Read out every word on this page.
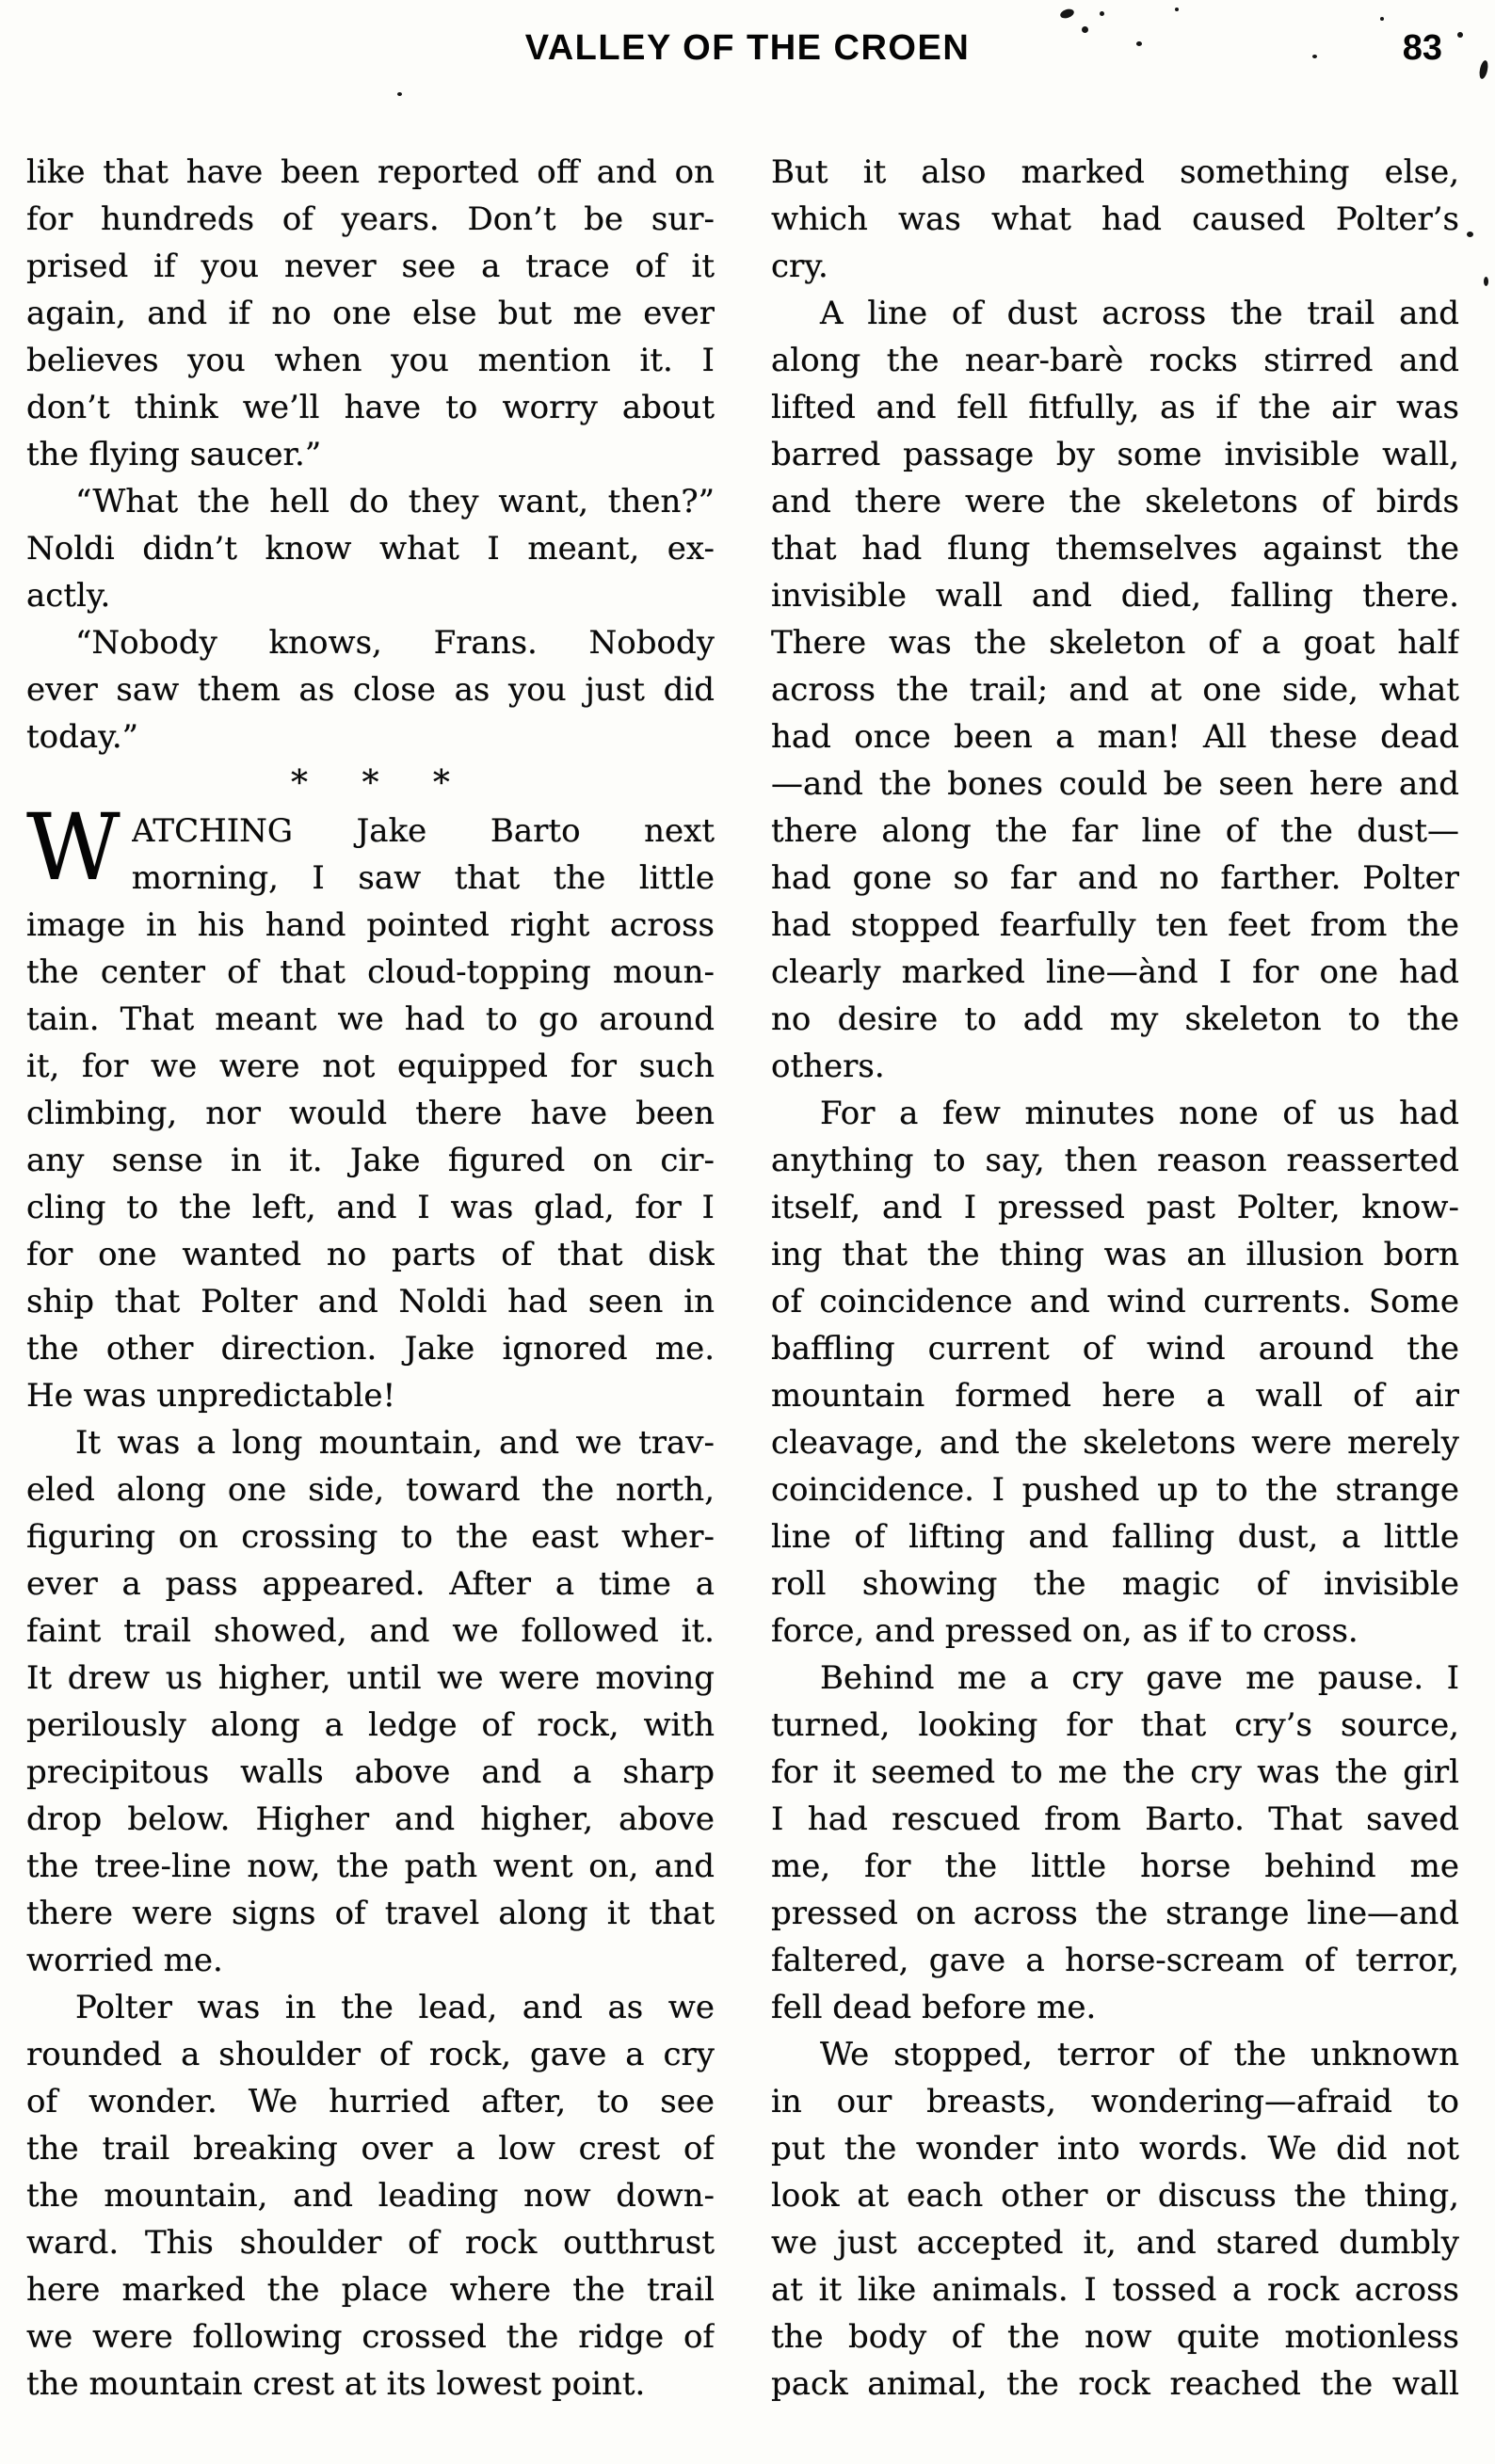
VALLEY OF THE CROEN	83
like that have been reported off and on
for hundreds of years. Don’t be sur-
prised if you never see a trace of it
again, and if no one else but me ever
believes you when you mention it. I
don’t think we’ll have to worry about
the flying saucer.”
“What the hell do they want, then?”
Noldi didn’t know what I meant, ex-
actly.
“Nobody knows, Frans. Nobody
ever saw them as close as you just did
today.”
* * *
W ATCHING Jake Barto next
morning, I saw that the little
image in his hand pointed right across
the center of that cloud-topping moun-
tain. That meant we had to go around
it, for we were not equipped for such
climbing, nor would there have been
any sense in it. Jake figured on cir-
cling to the left, and I was glad, for I
for one wanted no parts of that disk
ship that Polter and Noldi had seen in
the other direction. Jake ignored me.
He was unpredictable!
It was a long mountain, and we trav-
eled along one side, toward the north,
figuring on crossing to the east wher-
ever a pass appeared. After a time a
faint trail showed, and we followed it.
It drew us higher, until we were moving
perilously along a ledge of rock, with
precipitous walls above and a sharp
drop below. Higher and higher, above
the tree-line now, the path went on, and
there were signs of travel along it that
worried me.
Polter was in the lead, and as we
rounded a shoulder of rock, gave a cry
of wonder. We hurried after, to see
the trail breaking over a low crest of
the mountain, and leading now down-
ward. This shoulder of rock outthrust
here marked the place where the trail
we were following crossed the ridge of
the mountain crest at its lowest point.
But it also marked something else,
which was what had caused Polter’s
cry.
A line of dust across the trail and
along the near-barè rocks stirred and
lifted and fell fitfully, as if the air was
barred passage by some invisible wall,
and there were the skeletons of birds
that had flung themselves against the
invisible wall and died, falling there.
There was the skeleton of a goat half
across the trail; and at one side, what
had once been a man! All these dead
—and the bones could be seen here and
there along the far line of the dust—
had gone so far and no farther. Polter
had stopped fearfully ten feet from the
clearly marked line—ànd I for one had
no desire to add my skeleton to the
others.
For a few minutes none of us had
anything to say, then reason reasserted
itself, and I pressed past Polter, know-
ing that the thing was an illusion born
of coincidence and wind currents. Some
baffling current of wind around the
mountain formed here a wall of air
cleavage, and the skeletons were merely
coincidence. I pushed up to the strange
line of lifting and falling dust, a little
roll showing the magic of invisible
force, and pressed on, as if to cross.
Behind me a cry gave me pause. I
turned, looking for that cry’s source,
for it seemed to me the cry was the girl
I had rescued from Barto. That saved
me, for the little horse behind me
pressed on across the strange line—and
faltered, gave a horse-scream of terror,
fell dead before me.
We stopped, terror of the unknown
in our breasts, wondering—afraid to
put the wonder into words. We did not
look at each other or discuss the thing,
we just accepted it, and stared dumbly
at it like animals. I tossed a rock across
the body of the now quite motionless
pack animal, the rock reached the wall
